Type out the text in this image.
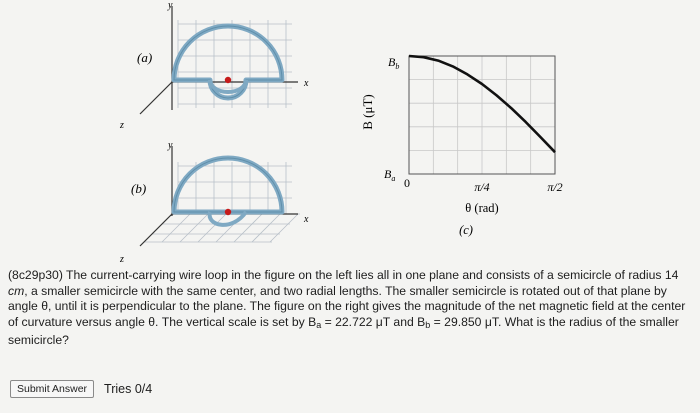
(a)
y
x
z
(b)
y
x
z
B (μT)
$B_b$
$B_a$ 0	π/4	π/2
θ (rad)
(c)
(8c29p30) The current-carrying wire loop in the figure on the left lies all in one plane and consists of a semicircle of radius 14 cm, a smaller semicircle with the same center, and two radial lengths. The smaller semicircle is rotated out of that plane by angle θ, until it is perpendicular to the plane. The figure on the right gives the magnitude of the net magnetic field at the center of curvature versus angle θ. The vertical scale is set by $B_a = 22.722$ μT and $B_b = 29.850$ μT. What is the radius of the smaller semicircle?
Submit Answer	Tries 0/4
